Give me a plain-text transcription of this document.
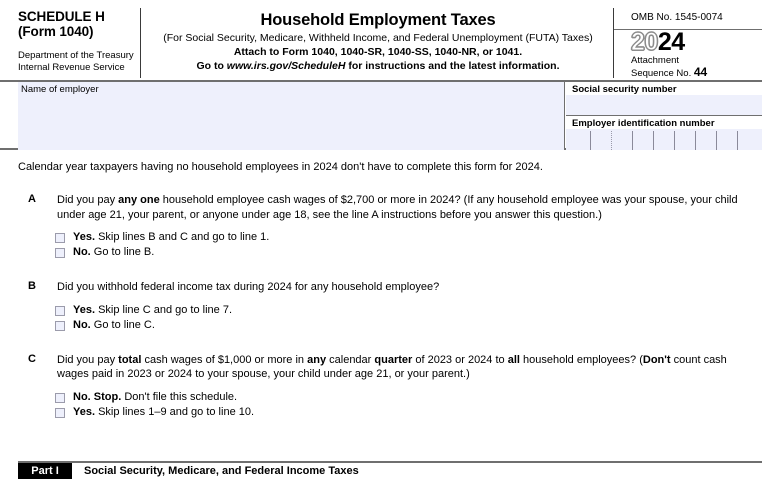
SCHEDULE H
(Form 1040)
Department of the Treasury
Internal Revenue Service
Household Employment Taxes
(For Social Security, Medicare, Withheld Income, and Federal Unemployment (FUTA) Taxes)
Attach to Form 1040, 1040-SR, 1040-SS, 1040-NR, or 1041.
Go to www.irs.gov/ScheduleH for instructions and the latest information.
OMB No. 1545-0074
2024
Attachment
Sequence No. 44
Name of employer	Social security number
Employer identification number
Calendar year taxpayers having no household employees in 2024 don't have to complete this form for 2024.
A Did you pay any one household employee cash wages of $2,700 or more in 2024? (If any household employee was your spouse, your child under age 21, your parent, or anyone under age 18, see the line A instructions before you answer this question.)
Yes. Skip lines B and C and go to line 1.
No. Go to line B.
B Did you withhold federal income tax during 2024 for any household employee?
Yes. Skip line C and go to line 7.
No. Go to line C.
C Did you pay total cash wages of $1,000 or more in any calendar quarter of 2023 or 2024 to all household employees? (Don't count cash wages paid in 2023 or 2024 to your spouse, your child under age 21, or your parent.)
No. Stop. Don't file this schedule.
Yes. Skip lines 1–9 and go to line 10.
Part I	Social Security, Medicare, and Federal Income Taxes
